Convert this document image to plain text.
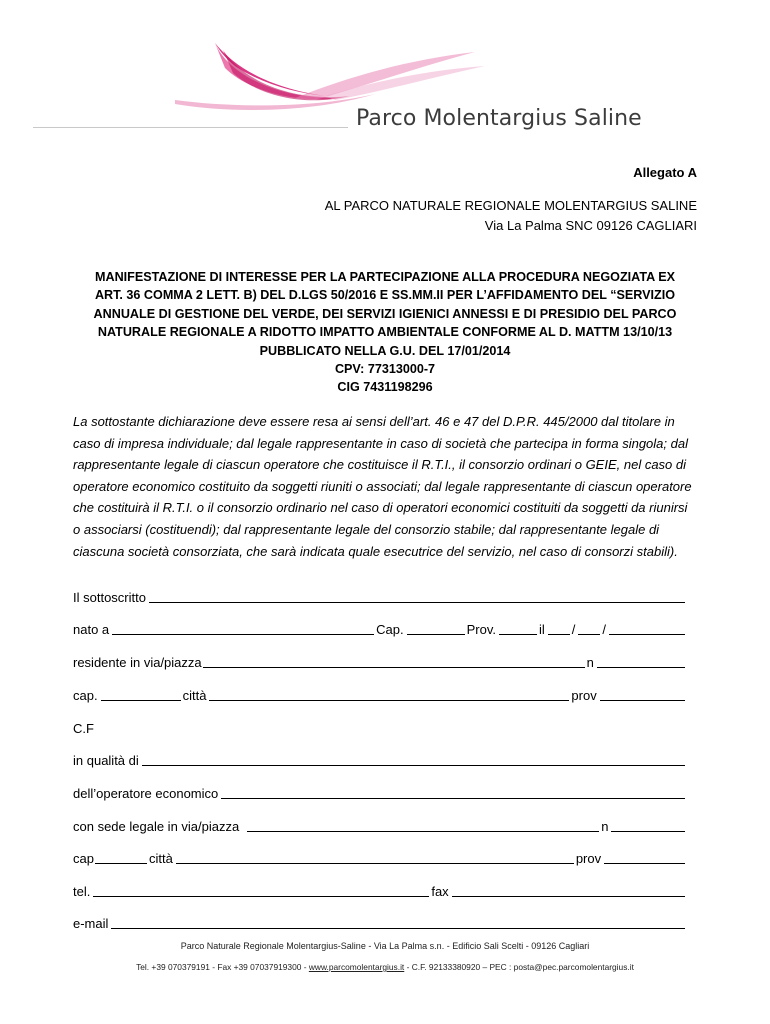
Parco Molentargius Saline
Allegato A
AL PARCO NATURALE REGIONALE MOLENTARGIUS SALINE
Via La Palma SNC 09126 CAGLIARI
MANIFESTAZIONE DI INTERESSE PER LA PARTECIPAZIONE ALLA PROCEDURA NEGOZIATA EX
ART. 36 COMMA 2 LETT. B) DEL D.LGS 50/2016 E SS.MM.II PER L’AFFIDAMENTO DEL “SERVIZIO
ANNUALE DI GESTIONE DEL VERDE, DEI SERVIZI IGIENICI ANNESSI E DI PRESIDIO DEL PARCO
NATURALE REGIONALE A RIDOTTO IMPATTO AMBIENTALE CONFORME AL D. MATTM 13/10/13
PUBBLICATO NELLA G.U. DEL 17/01/2014
CPV: 77313000-7
CIG 7431198296
La sottostante dichiarazione deve essere resa ai sensi dell’art. 46 e 47 del D.P.R. 445/2000 dal titolare in caso di impresa individuale; dal legale rappresentante in caso di società che partecipa in forma singola; dal rappresentante legale di ciascun operatore che costituisce il R.T.I., il consorzio ordinari o GEIE, nel caso di operatore economico costituito da soggetti riuniti o associati; dal legale rappresentante di ciascun operatore che costituirà il R.T.I. o il consorzio ordinario nel caso di operatori economici costituiti da soggetti da riunirsi o associarsi (costituendi); dal rappresentante legale del consorzio stabile; dal rappresentante legale di ciascuna società consorziata, che sarà indicata quale esecutrice del servizio, nel caso di consorzi stabili).
Il sottoscritto
nato a	Cap.	Prov.	il / /
residente in via/piazza	n
cap.	città	prov
C.F
in qualità di
dell’operatore economico
con sede legale in via/piazza	n
cap	città	prov
tel.	fax
e-mail
Parco Naturale Regionale Molentargius-Saline - Via La Palma s.n. - Edificio Sali Scelti - 09126 Cagliari
Tel. +39 070379191 - Fax +39 07037919300 - www.parcomolentargius.it - C.F. 92133380920 – PEC : posta@pec.parcomolentargius.it
